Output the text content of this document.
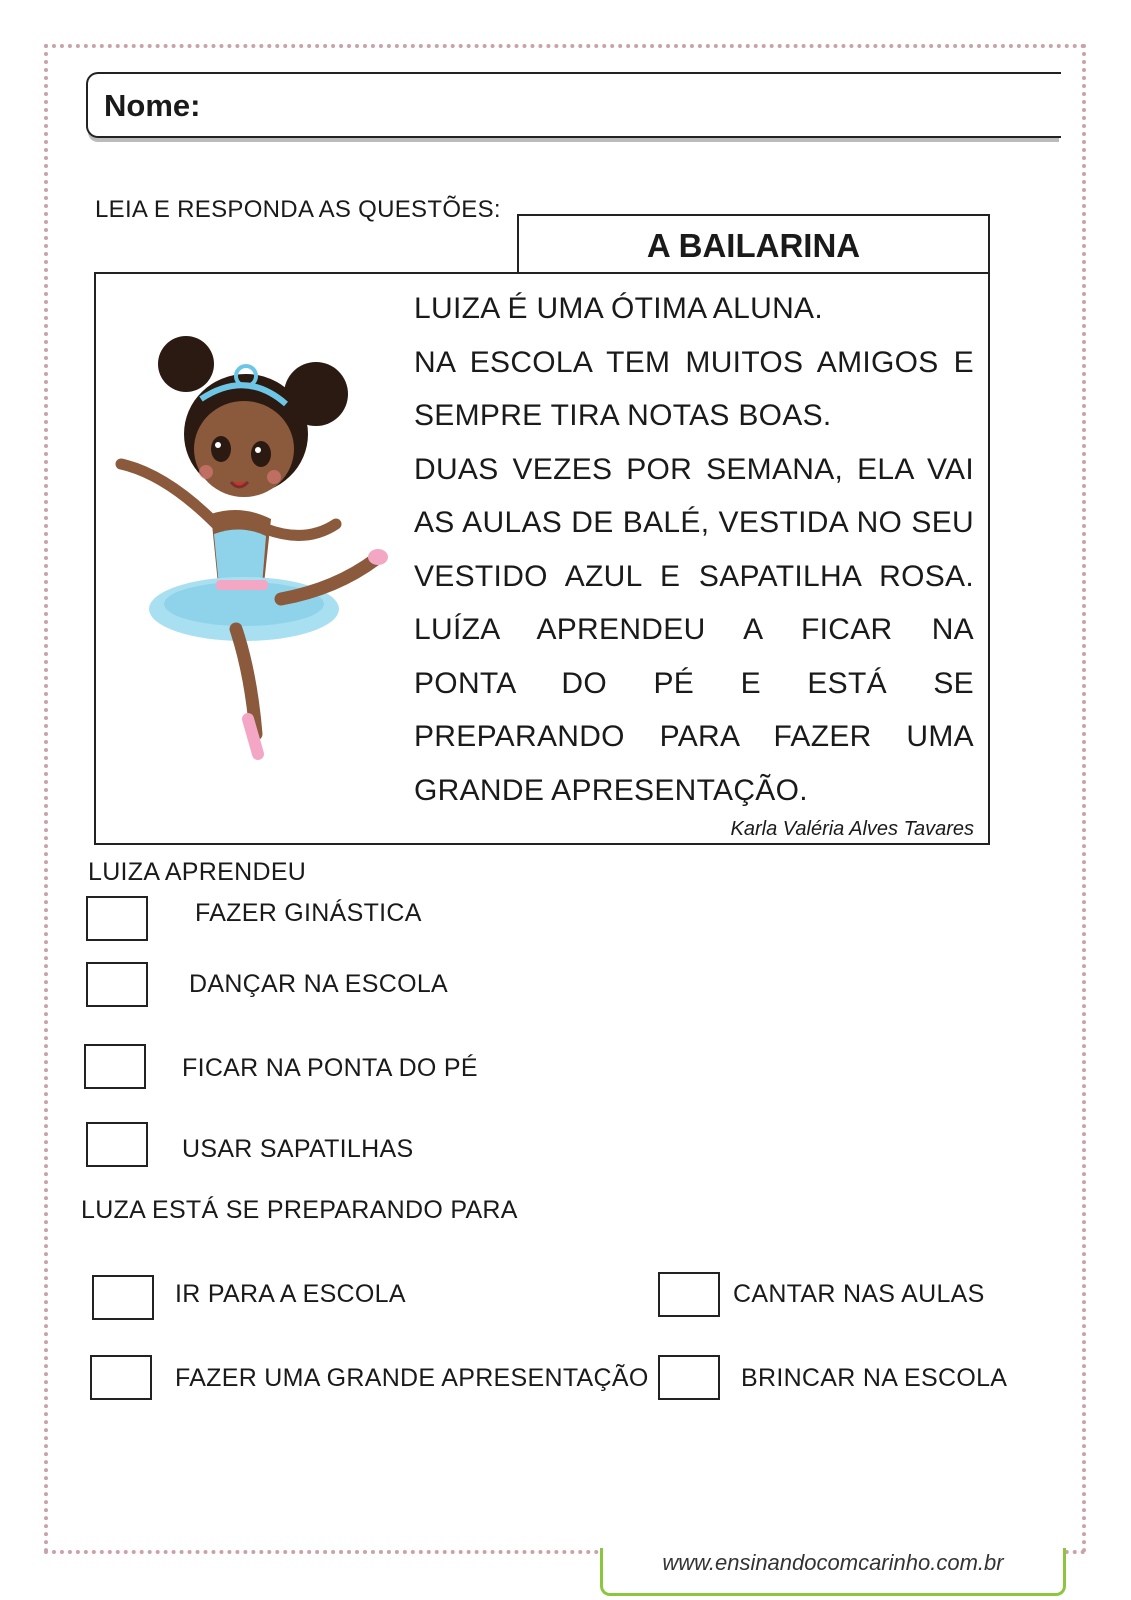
Nome:
LEIA E RESPONDA AS QUESTÕES:
A BAILARINA
LUIZA É UMA ÓTIMA ALUNA.
NA ESCOLA TEM MUITOS AMIGOS E
SEMPRE TIRA NOTAS BOAS.
DUAS VEZES POR SEMANA, ELA VAI
AS AULAS DE BALÉ, VESTIDA NO SEU
VESTIDO AZUL E SAPATILHA ROSA.
LUÍZA APRENDEU A FICAR NA
PONTA DO PÉ E ESTÁ SE
PREPARANDO PARA FAZER UMA
GRANDE APRESENTAÇÃO.
Karla Valéria Alves Tavares
LUIZA APRENDEU
FAZER GINÁSTICA
DANÇAR NA ESCOLA
FICAR NA PONTA DO PÉ
USAR SAPATILHAS
LUZA ESTÁ SE PREPARANDO PARA
IR PARA A ESCOLA	CANTAR NAS AULAS
FAZER UMA GRANDE APRESENTAÇÃO	BRINCAR NA ESCOLA
www.ensinandocomcarinho.com.br
